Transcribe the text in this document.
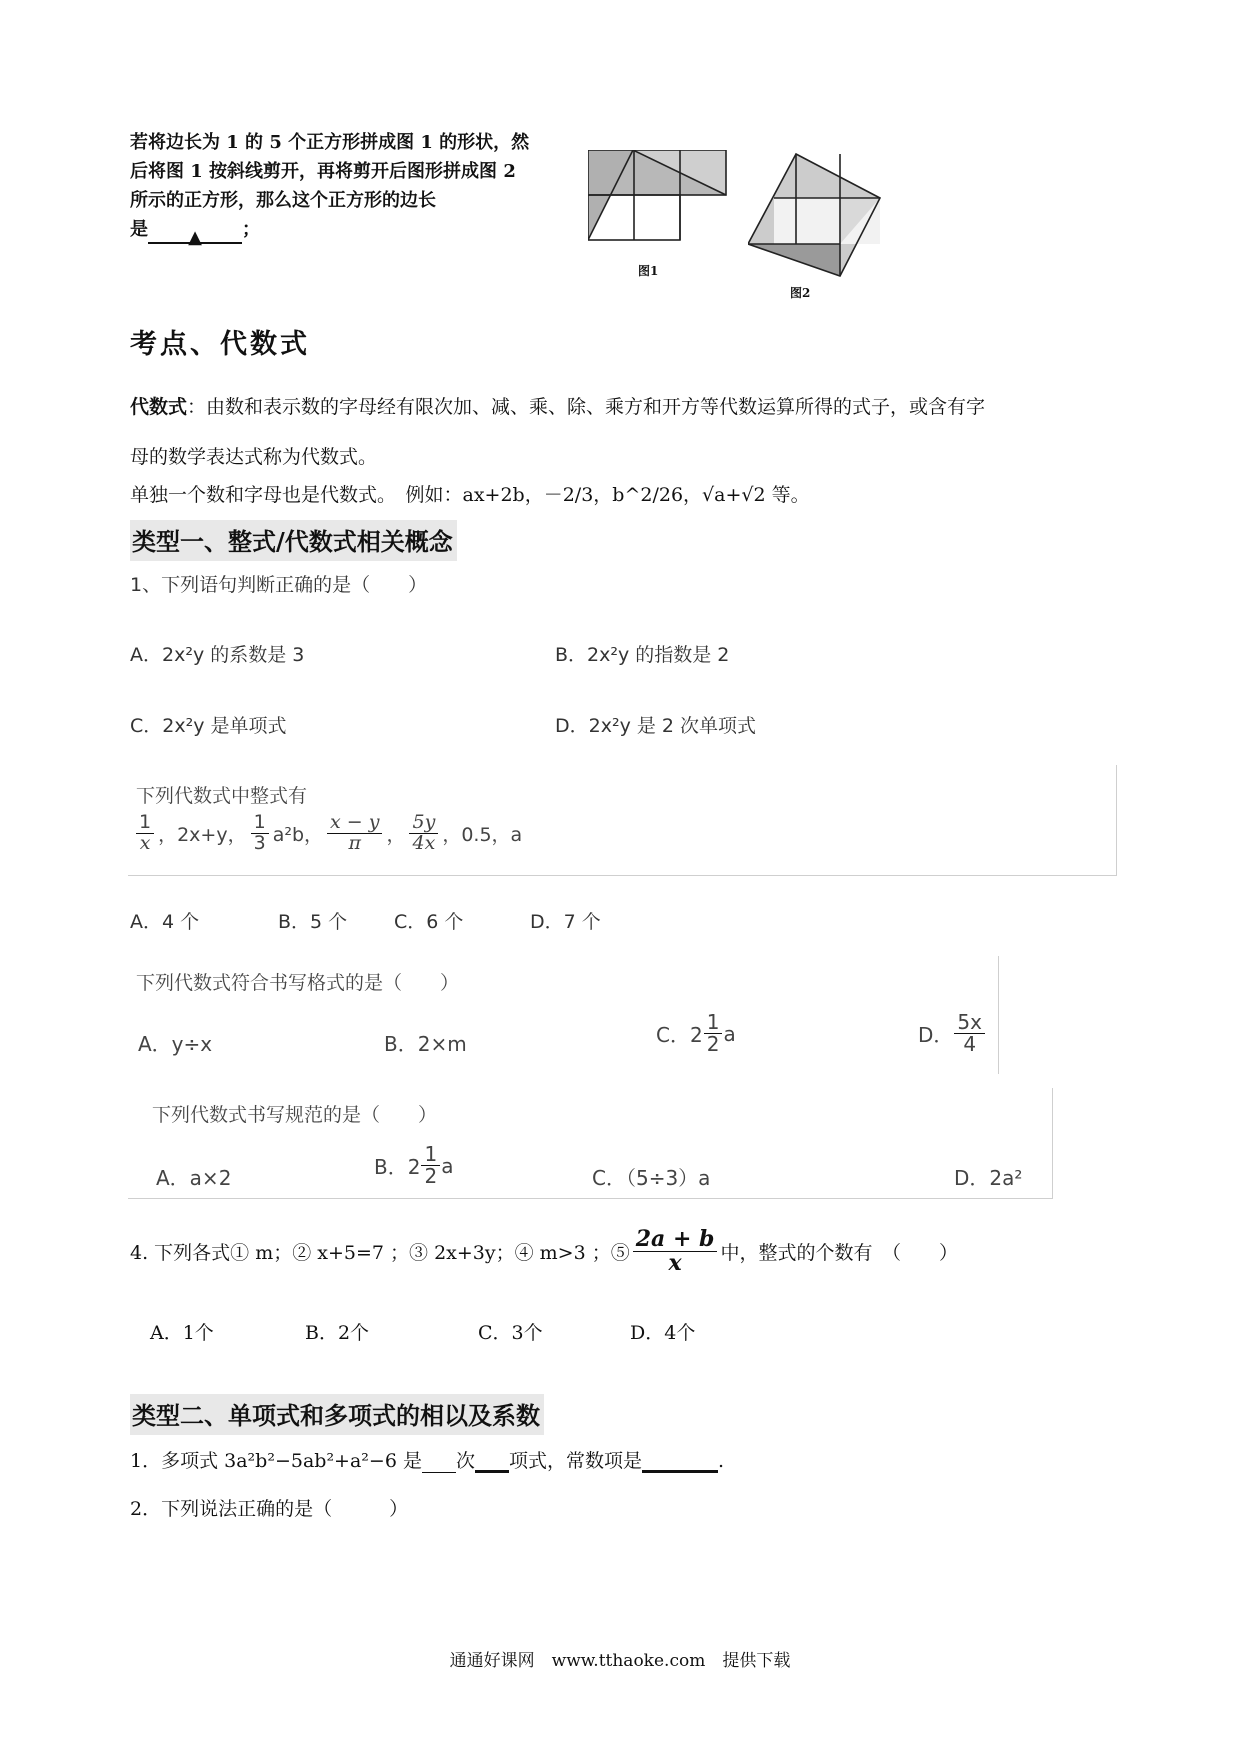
若将边长为 1 的 5 个正方形拼成图 1 的形状，然
后将图 1 按斜线剪开，再将剪开后图形拼成图 2
所示的正方形，那么这个正方形的边长
是 ▲ ；
图1
图2
考点、代数式
代数式：由数和表示数的字母经有限次加、减、乘、除、乘方和开方等代数运算所得的式子，或含有字
母的数学表达式称为代数式。
单独一个数和字母也是代数式。　例如：ax+2b，－2/3，b^2/26，√a+√2 等。
类型一、整式/代数式相关概念
1、下列语句判断正确的是（　　）
A．2x²y 的系数是 3	B．2x²y 的指数是 2
C．2x²y 是单项式	D．2x²y 是 2 次单项式
下列代数式中整式有
$\frac{1}{x}$ ，2x+y， $\frac{1}{3} a^2b$， $\frac{x - y}{\pi}$ ， $\frac{5y}{4x}$ ，0.5，a
A．4 个	B．5 个 C．6 个	D．7 个
下列代数式符合书写格式的是（　　）
A．y÷x	B．2×m	C．$2 \frac{1}{2}$ a	D． $\frac{5x}{4}$
下列代数式书写规范的是（　　）
A．a×2	B．$2 \frac{1}{2}$ a
C．（5÷3）a	D．2a²
4. 下列各式① m；② x+5=7 ；③ 2x+3y；④ m>3 ；⑤ $\frac{2a + b}{x}$ 中，整式的个数有　（　　）
A．1个	B．2个	C．3个	D．4个
类型二、单项式和多项式的相以及系数
1．多项式 3a²b²−5ab²+a²−6 是 次 项式，常数项是	.
2．下列说法正确的是（　　　）
通通好课网　www.tthaoke.com　提供下载
